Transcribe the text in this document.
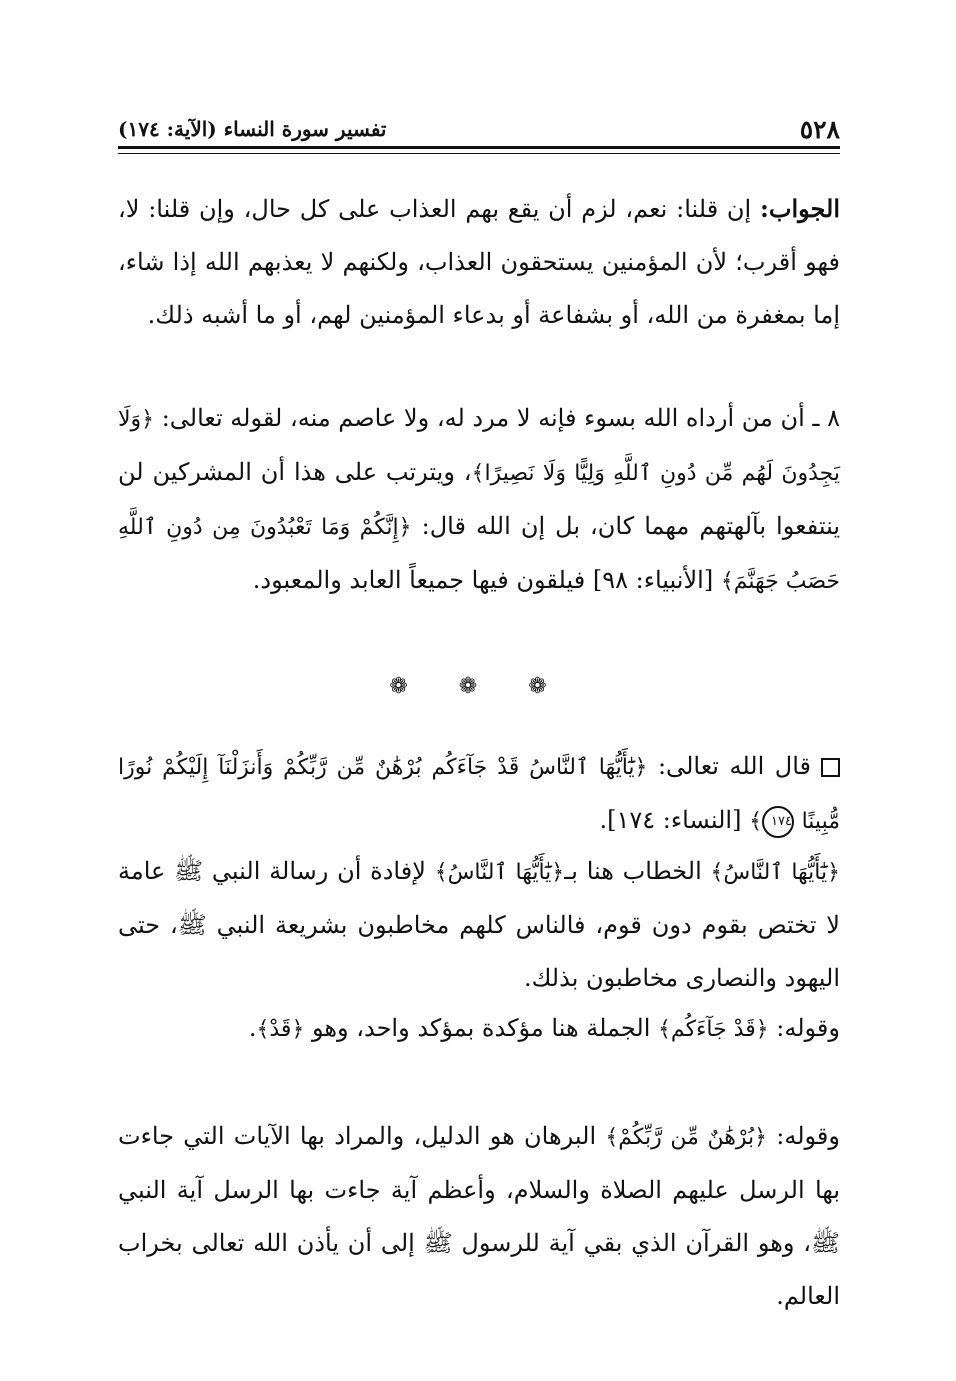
٥٢٨
تفسير سورة النساء (الآية: ١٧٤)

الجواب: إن قلنا: نعم، لزم أن يقع بهم العذاب على كل حال، وإن قلنا: لا، فهو أقرب؛ لأن المؤمنين يستحقون العذاب، ولكنهم لا يعذبهم الله إذا شاء، إما بمغفرة من الله، أو بشفاعة أو بدعاء المؤمنين لهم، أو ما أشبه ذلك.

٨ ـ أن من أرداه الله بسوء فإنه لا مرد له، ولا عاصم منه، لقوله تعالى: ﴿وَلَا يَجِدُونَ لَهُم مِّن دُونِ ٱللَّهِ وَلِيًّا وَلَا نَصِيرًا﴾، ويترتب على هذا أن المشركين لن ينتفعوا بآلهتهم مهما كان، بل إن الله قال: ﴿إِنَّكُمْ وَمَا تَعْبُدُونَ مِن دُونِ ٱللَّهِ حَصَبُ جَهَنَّمَ﴾ [الأنبياء: ٩٨] فيلقون فيها جميعاً العابد والمعبود.

❁ ❁ ❁

قال الله تعالى: ﴿يَٰٓأَيُّهَا ٱلنَّاسُ قَدْ جَآءَكُم بُرْهَٰنٌ مِّن رَّبِّكُمْ وَأَنزَلْنَآ إِلَيْكُمْ نُورًا مُّبِينًا ١٧٤﴾ [النساء: ١٧٤].

﴿يَٰٓأَيُّهَا ٱلنَّاسُ﴾ الخطاب هنا بـ﴿يَٰٓأَيُّهَا ٱلنَّاسُ﴾ لإفادة أن رسالة النبي ﷺ عامة لا تختص بقوم دون قوم، فالناس كلهم مخاطبون بشريعة النبي ﷺ، حتى اليهود والنصارى مخاطبون بذلك.

وقوله: ﴿قَدْ جَآءَكُم﴾ الجملة هنا مؤكدة بمؤكد واحد، وهو ﴿قَدْ﴾.

وقوله: ﴿بُرْهَٰنٌ مِّن رَّبِّكُمْ﴾ البرهان هو الدليل، والمراد بها الآيات التي جاءت بها الرسل عليهم الصلاة والسلام، وأعظم آية جاءت بها الرسل آية النبي ﷺ، وهو القرآن الذي بقي آية للرسول ﷺ إلى أن يأذن الله تعالى بخراب العالم.
